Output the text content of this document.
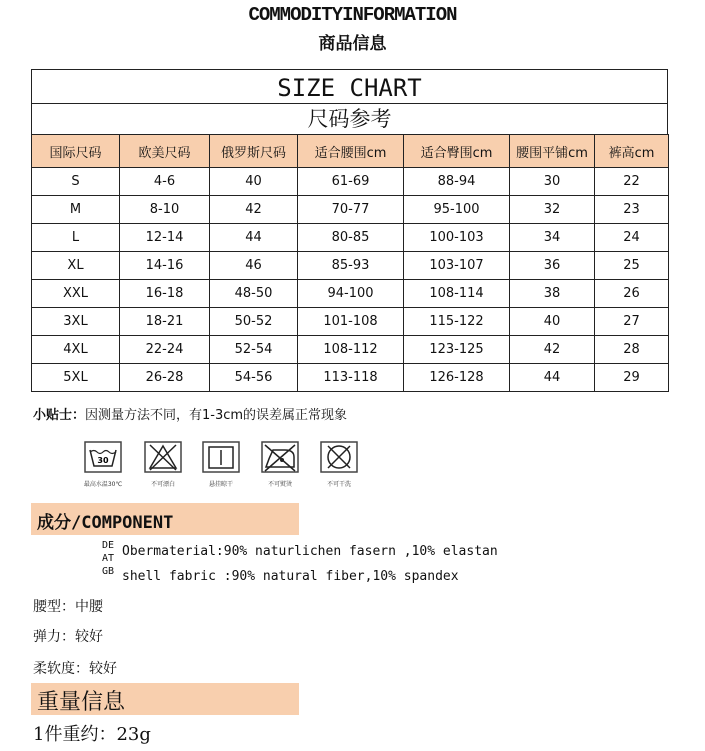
COMMODITYINFORMATION
商品信息
SIZE CHART
尺码参考
国际尺码	欧美尺码	俄罗斯尺码	适合腰围cm	适合臀围cm	腰围平铺cm	裤高cm
S	4-6	40	61-69	88-94	30	22
M	8-10	42	70-77	95-100	32	23
L	12-14	44	80-85	100-103	34	24
XL	14-16	46	85-93	103-107	36	25
XXL	16-18	48-50	94-100	108-114	38	26
3XL	18-21	50-52	101-108	115-122	40	27
4XL	22-24	52-54	108-112	123-125	42	28
5XL	26-28	54-56	113-118	126-128	44	29
小贴士：因测量方法不同，有1-3cm的误差属正常现象
30
最高水温30℃	不可漂白	悬挂晾干	不可熨烫	不可干洗
成分/COMPONENT
DE
AT
GB
Obermaterial:90% naturlichen fasern ,10% elastan
shell fabric :90% natural fiber,10% spandex
腰型：中腰
弹力：较好
柔软度：较好
重量信息
1件重约：23g
